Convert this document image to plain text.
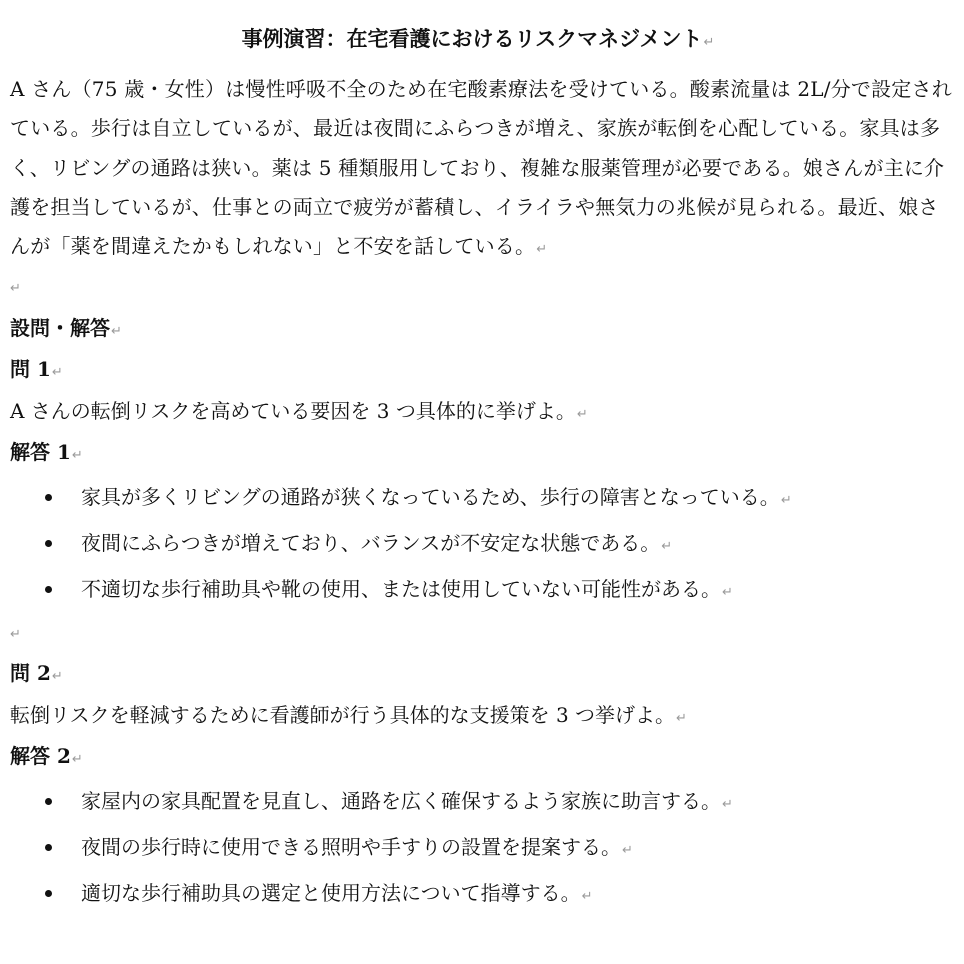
事例演習：在宅看護におけるリスクマネジメント↵
A さん（75 歳・女性）は慢性呼吸不全のため在宅酸素療法を受けている。酸素流量は 2L/分で設定され
ている。歩行は自立しているが、最近は夜間にふらつきが増え、家族が転倒を心配している。家具は多
く、リビングの通路は狭い。薬は 5 種類服用しており、複雑な服薬管理が必要である。娘さんが主に介
護を担当しているが、仕事との両立で疲労が蓄積し、イライラや無気力の兆候が見られる。最近、娘さ
んが「薬を間違えたかもしれない」と不安を話している。↵
↵
設問・解答↵
問 1↵
A さんの転倒リスクを高めている要因を 3 つ具体的に挙げよ。↵
解答 1↵
家具が多くリビングの通路が狭くなっているため、歩行の障害となっている。↵
夜間にふらつきが増えており、バランスが不安定な状態である。↵
不適切な歩行補助具や靴の使用、または使用していない可能性がある。↵
↵
問 2↵
転倒リスクを軽減するために看護師が行う具体的な支援策を 3 つ挙げよ。↵
解答 2↵
家屋内の家具配置を見直し、通路を広く確保するよう家族に助言する。↵
夜間の歩行時に使用できる照明や手すりの設置を提案する。↵
適切な歩行補助具の選定と使用方法について指導する。↵
